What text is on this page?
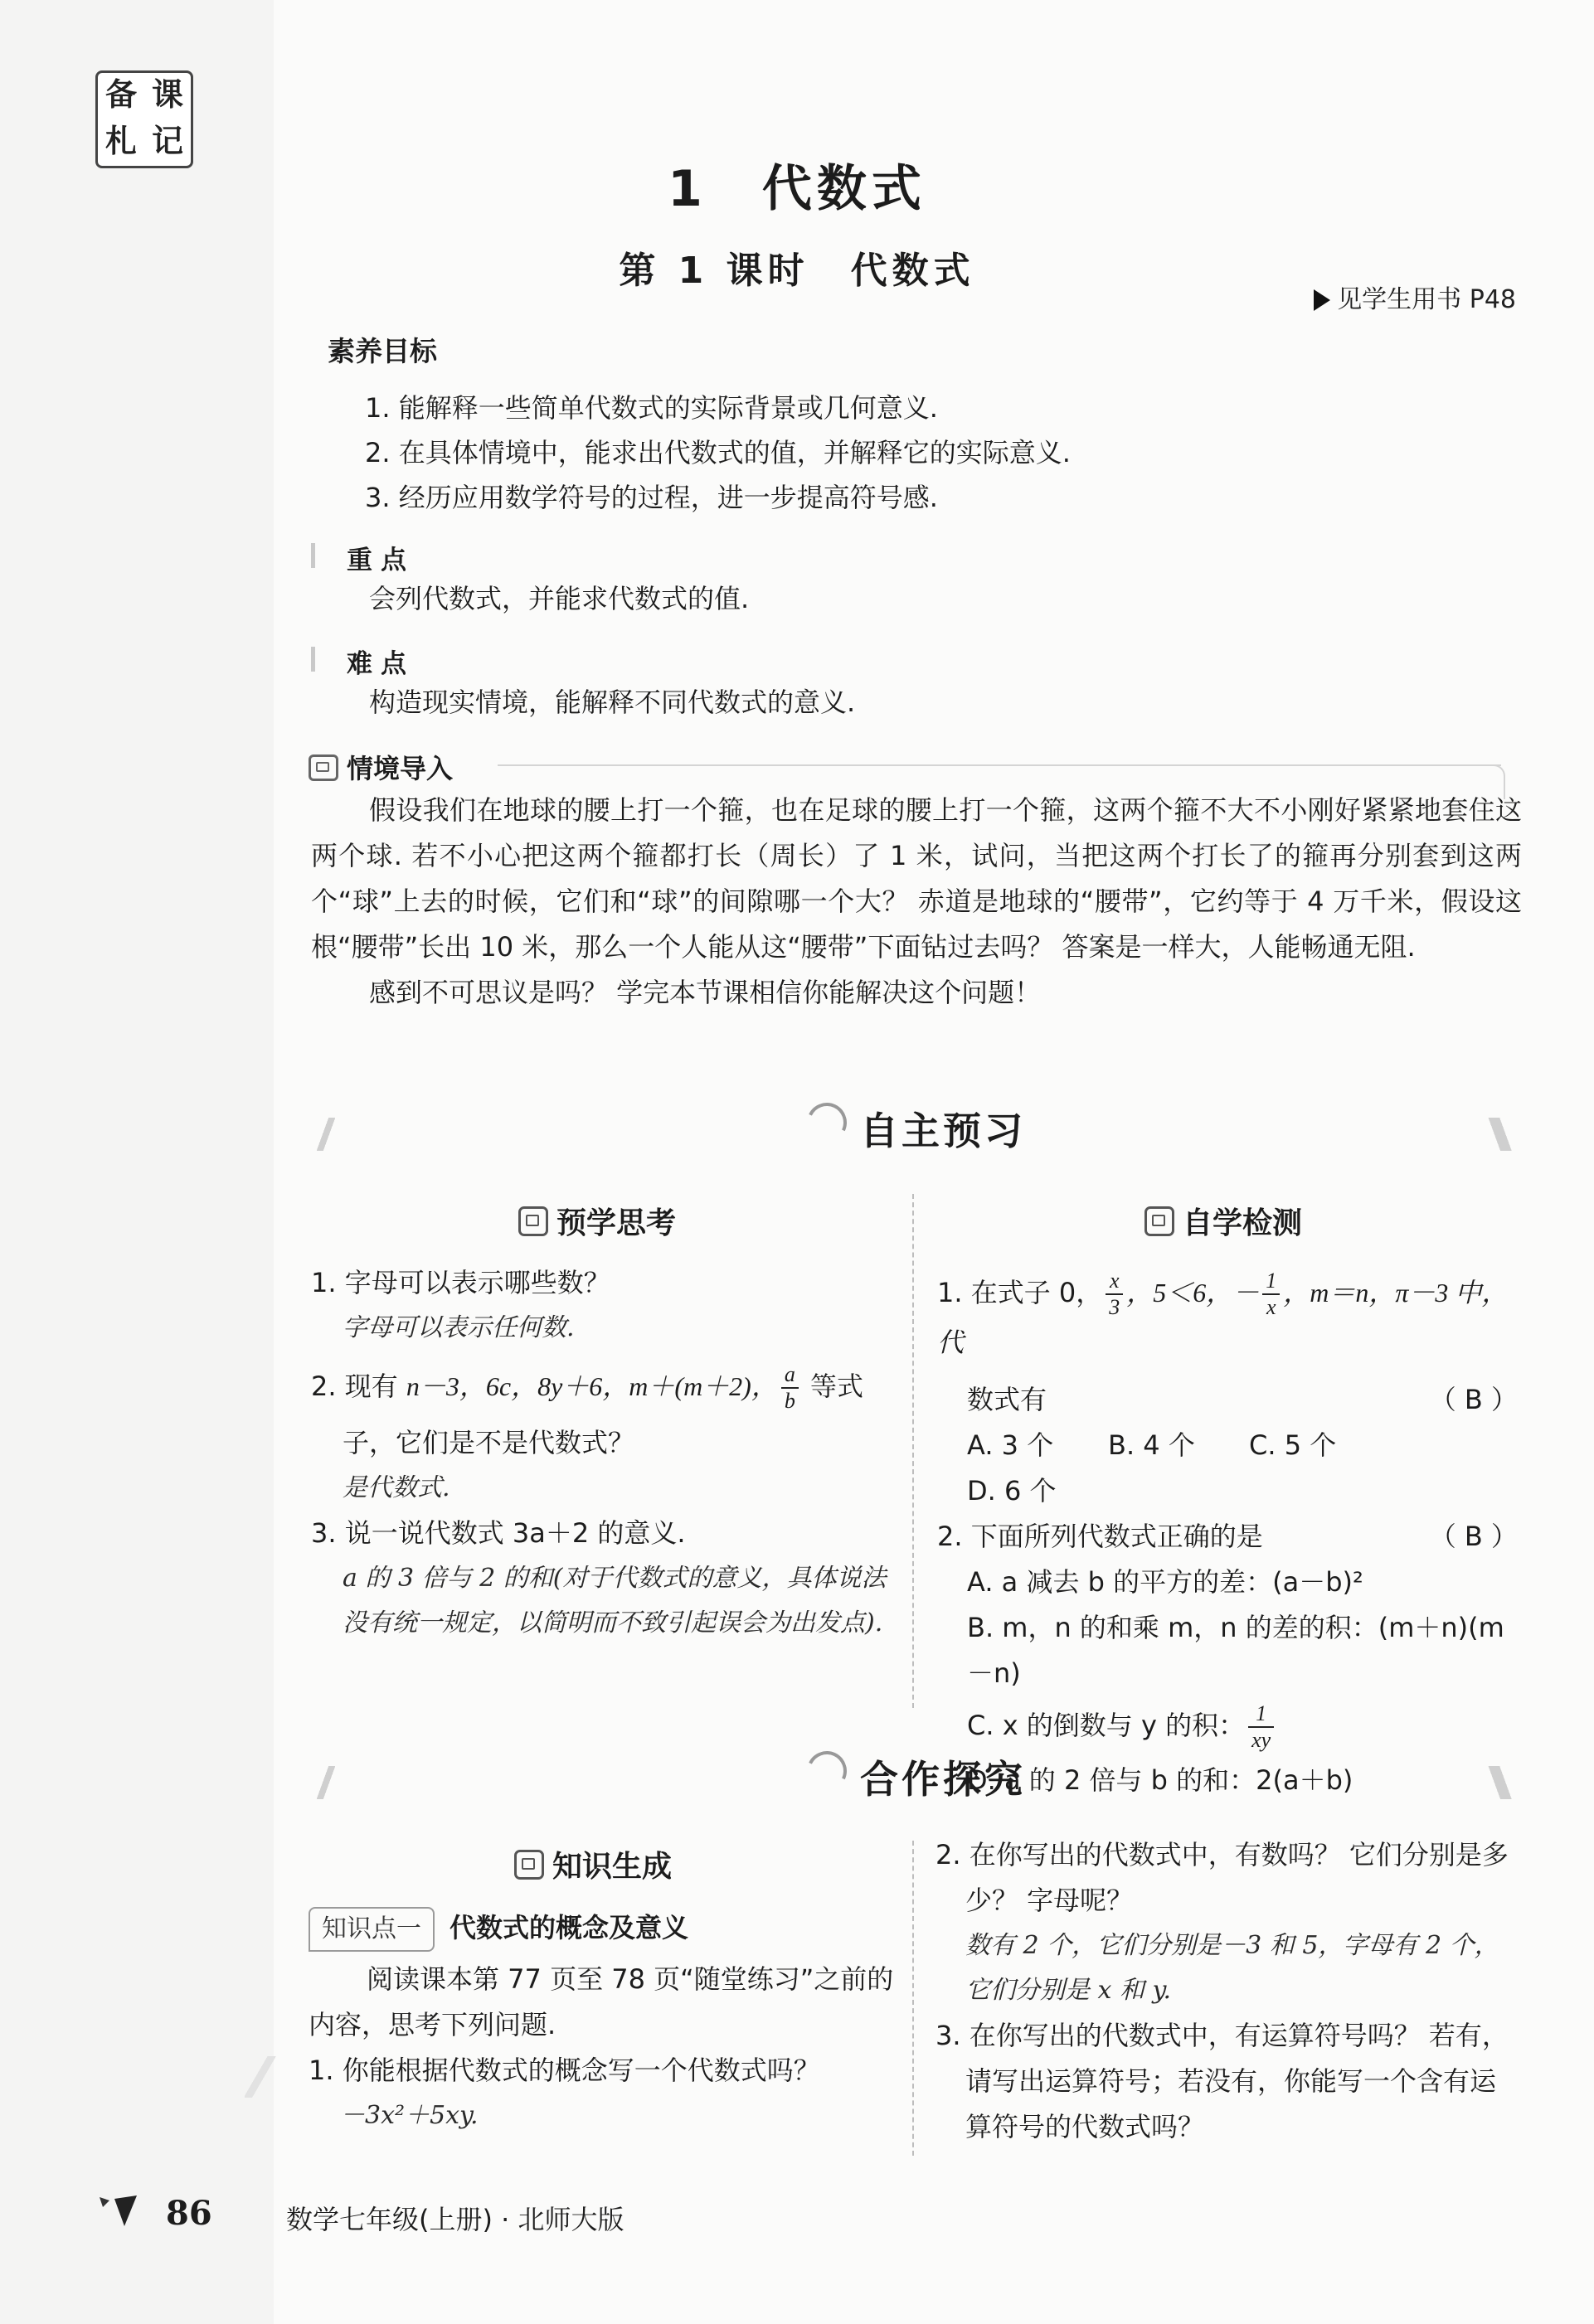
备 课
札 记
1　代数式
第 1 课时　代数式
见学生用书 P48
素养目标
1. 能解释一些简单代数式的实际背景或几何意义.
2. 在具体情境中，能求出代数式的值，并解释它的实际意义.
3. 经历应用数学符号的过程，进一步提高符号感.
重点
会列代数式，并能求代数式的值.
难点
构造现实情境，能解释不同代数式的意义.
情境导入

假设我们在地球的腰上打一个箍，也在足球的腰上打一个箍，这两个箍不大不小刚好紧紧地套住这两个球. 若不小心把这两个箍都打长（周长）了 1 米，试问，当把这两个打长了的箍再分别套到这两个“球”上去的时候，它们和“球”的间隙哪一个大？ 赤道是地球的“腰带”，它约等于 4 万千米，假设这根“腰带”长出 10 米，那么一个人能从这“腰带”下面钻过去吗？ 答案是一样大，人能畅通无阻.

感到不可思议是吗？ 学完本节课相信你能解决这个问题！

自主预习
预学思考	自学检测
1. 字母可以表示哪些数？
字母可以表示任何数.
2. 现有 n－3，6c，8y＋6，m＋(m＋2)， $\frac{a}{b}$ 等式
子，它们是不是代数式？
是代数式.
3. 说一说代数式 3a＋2 的意义.
a 的 3 倍与 2 的和(对于代数式的意义，具体说法没有统一规定，以简明而不致引起误会为出发点).
1. 在式子 0， $\frac{x}{3}$ ，5＜6，－ $\frac{1}{x}$ ，m＝n，π－3 中，代
数式有	（ B ）
A. 3 个 B. 4 个 C. 5 个D. 6 个
2. 下面所列代数式正确的是	（ B ）
A. a 减去 b 的平方的差：(a－b)²
B. m，n 的和乘 m，n 的差的积：(m＋n)(m－n)
C. x 的倒数与 y 的积： $\frac{1}{xy}$
D. a 的 2 倍与 b 的和：2(a＋b)
合作探究
知识生成
知识点一 代数式的概念及意义
阅读课本第 77 页至 78 页“随堂练习”之前的内容，思考下列问题.
1. 你能根据代数式的概念写一个代数式吗？
－3x²＋5xy.
2. 在你写出的代数式中，有数吗？ 它们分别是多少？ 字母呢？
数有 2 个，它们分别是－3 和 5，字母有 2 个，它们分别是 x 和 y.
3. 在你写出的代数式中，有运算符号吗？ 若有，请写出运算符号；若没有，你能写一个含有运算符号的代数式吗？
86	数学七年级(上册) · 北师大版
